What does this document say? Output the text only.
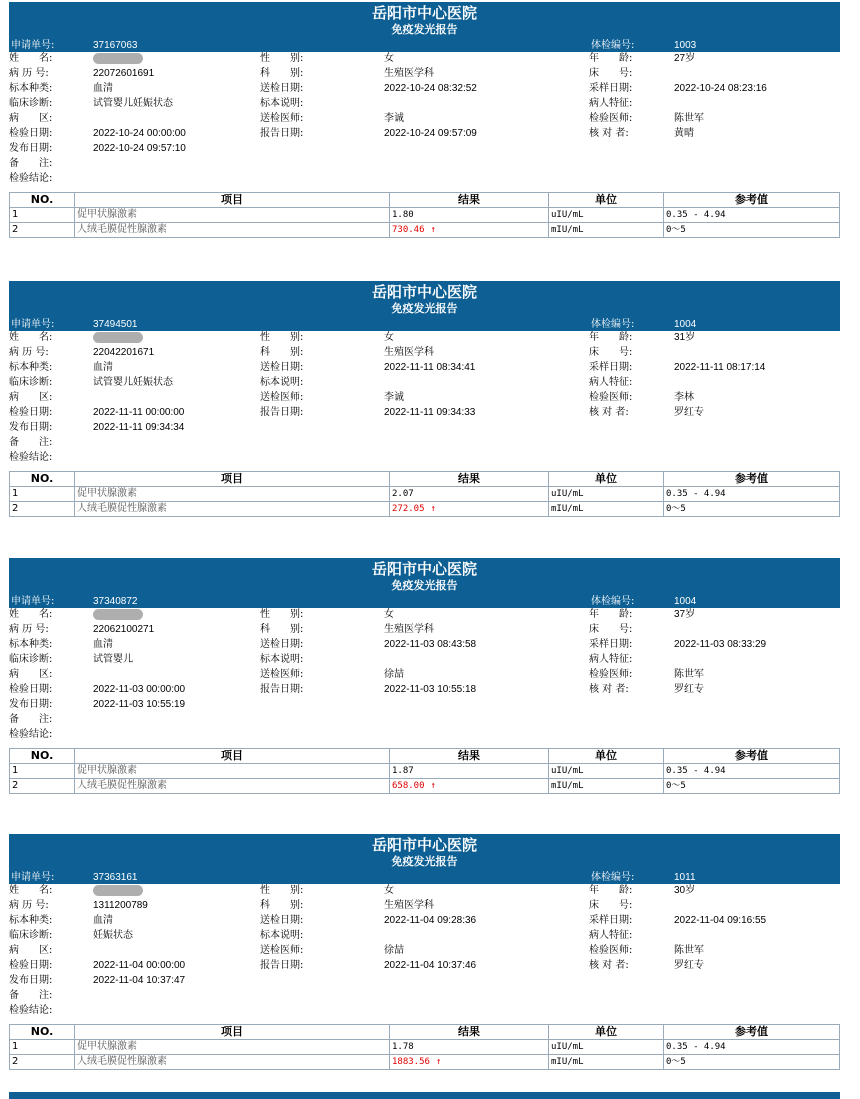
岳阳市中心医院
免疫发光报告
申请单号:	37167063	体检编号:	1003
姓　　名:	性　　别:	女	年　　龄:	27岁
病 历 号:	22072601691	科　　别:	生殖医学科	床　　号:
标本种类:	血清	送检日期:	2022-10-24 08:32:52	采样日期:	2022-10-24 08:23:16
临床诊断:	试管婴儿妊娠状态	标本说明:	病人特征:
病　　区:	送检医师:	李诚	检验医师:	陈世军
检验日期:	2022-10-24 00:00:00	报告日期:	2022-10-24 09:57:09	核 对 者:	黄晴
发布日期:	2022-10-24 09:57:10
备　　注:
检验结论:
NO.	项目	结果	单位	参考值
1	促甲状腺激素	1.80	uIU/mL	0.35 - 4.94
2	人绒毛膜促性腺激素	730.46 ↑	mIU/mL	0～5
岳阳市中心医院
免疫发光报告
申请单号:	37494501	体检编号:	1004
姓　　名:	性　　别:	女	年　　龄:	31岁
病 历 号:	22042201671	科　　别:	生殖医学科	床　　号:
标本种类:	血清	送检日期:	2022-11-11 08:34:41	采样日期:	2022-11-11 08:17:14
临床诊断:	试管婴儿妊娠状态	标本说明:	病人特征:
病　　区:	送检医师:	李诚	检验医师:	李林
检验日期:	2022-11-11 00:00:00	报告日期:	2022-11-11 09:34:33	核 对 者:	罗红专
发布日期:	2022-11-11 09:34:34
备　　注:
检验结论:
NO.	项目	结果	单位	参考值
1	促甲状腺激素	2.07	uIU/mL	0.35 - 4.94
2	人绒毛膜促性腺激素	272.05 ↑	mIU/mL	0～5
岳阳市中心医院
免疫发光报告
申请单号:	37340872	体检编号:	1004
姓　　名:	性　　别:	女	年　　龄:	37岁
病 历 号:	22062100271	科　　别:	生殖医学科	床　　号:
标本种类:	血清	送检日期:	2022-11-03 08:43:58	采样日期:	2022-11-03 08:33:29
临床诊断:	试管婴儿	标本说明:	病人特征:
病　　区:	送检医师:	徐喆	检验医师:	陈世军
检验日期:	2022-11-03 00:00:00	报告日期:	2022-11-03 10:55:18	核 对 者:	罗红专
发布日期:	2022-11-03 10:55:19
备　　注:
检验结论:
NO.	项目	结果	单位	参考值
1	促甲状腺激素	1.87	uIU/mL	0.35 - 4.94
2	人绒毛膜促性腺激素	658.00 ↑	mIU/mL	0～5
岳阳市中心医院
免疫发光报告
申请单号:	37363161	体检编号:	1011
姓　　名:	性　　别:	女	年　　龄:	30岁
病 历 号:	1311200789	科　　别:	生殖医学科	床　　号:
标本种类:	血清	送检日期:	2022-11-04 09:28:36	采样日期:	2022-11-04 09:16:55
临床诊断:	妊娠状态	标本说明:	病人特征:
病　　区:	送检医师:	徐喆	检验医师:	陈世军
检验日期:	2022-11-04 00:00:00	报告日期:	2022-11-04 10:37:46	核 对 者:	罗红专
发布日期:	2022-11-04 10:37:47
备　　注:
检验结论:
NO.	项目	结果	单位	参考值
1	促甲状腺激素	1.78	uIU/mL	0.35 - 4.94
2	人绒毛膜促性腺激素	1883.56 ↑	mIU/mL	0～5
